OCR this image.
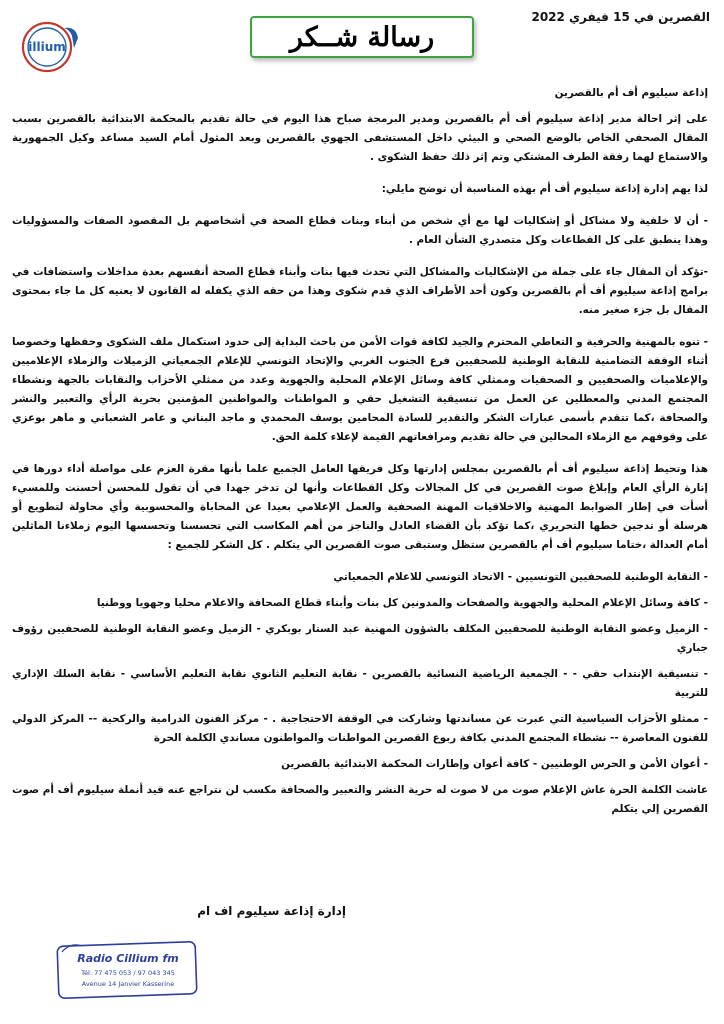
القصرين في 15 فيفري 2022
رسالة شــكر
illium

إذاعة سيليوم أف أم بالقصرين

على إثر احالة مدير إذاعة سيليوم أف أم بالقصرين ومدير البرمجة صباح هذا اليوم في حالة تقديم بالمحكمة الابتدائية بالقصرين بسبب المقال الصحفي الخاص بالوضع الصحي و البيئي داخل المستشفى الجهوي بالقصرين وبعد المثول أمام السيد مساعد وكيل الجمهورية والاستماع لهما رفقة الطرف المشتكي وتم إثر ذلك حفظ الشكوى .

لذا يهم إدارة إذاعة سيليوم أف أم بهذه المناسبة أن توضح مايلي:

- أن لا خلفية ولا مشاكل أو إشكاليات لها مع أي شخص من أبناء وبنات قطاع الصحة في أشخاصهم بل المقصود الصفات والمسؤوليات وهذا ينطبق على كل القطاعات وكل متصدري الشأن العام .

-تؤكد أن المقال جاء على جملة من الإشكاليات والمشاكل التي تحدث فيها بنات وأبناء قطاع الصحة أنفسهم بعدة مداخلات واستضافات في برامج إذاعة سيليوم أف أم بالقصرين وكون أحد الأطراف الذي قدم شكوى وهذا من حقه الذي يكفله له القانون لا يعنيه كل ما جاء بمحتوى المقال بل جزء صغير منه.

- تنوه بالمهنية والحرفية و التعاطي المحترم والجيد لكافة قوات الأمن من باحث البداية إلى حدود استكمال ملف الشكوى وحفظها وخصوصا أثناء الوقفة التضامنية للنقابة الوطنية للصحفيين فرع الجنوب الغربي والإتحاد التونسي للإعلام الجمعياتي الزميلات والزملاء الإعلاميين والإعلاميات والصحفيين و الصحفيات وممثلي كافة وسائل الإعلام المحلية والجهوية وعدد من ممثلي الأحزاب والنقابات بالجهة ونشطاء المجتمع المدني والمعطلين عن العمل من تنسيقية التشغيل حقي و المواطنات والمواطنين المؤمنين بحرية الرأي والتعبير والنشر والصحافة ،كما تتقدم بأسمى عبارات الشكر والتقدير للسادة المحامين يوسف المحمدي و ماجد البناني و عامر الشعباني و ماهر بوعزي على وقوفهم مع الزملاء المحالين في حالة تقديم ومرافعاتهم القيمة لإعلاء كلمة الحق.

هذا وتحيط إذاعة سيليوم أف أم بالقصرين بمجلس إدارتها وكل فريقها العامل الجميع علما بأنها مقرة العزم على مواصلة أداء دورها في إنارة الرأي العام وإبلاغ صوت القصرين في كل المجالات وكل القطاعات وأنها لن تدخر جهدا في أن تقول للمحسن أحسنت وللمسيء أسأت في إطار الضوابط المهنية والاخلاقيات المهنة الصحفية والعمل الإعلامي بعيدا عن المحاباة والمحسوبية وأي محاولة لتطويع أو هرسلة أو تدجين خطها التحريري ،كما تؤكد بأن القضاء العادل والناجز من أهم المكاسب التي تحسسنا وتحسسها اليوم زملاءنا الماثلين أمام العدالة ،ختاما سيليوم أف أم بالقصرين ستظل وستبقى صوت القصرين الي يتكلم . كل الشكر للجميع :

- النقابة الوطنية للصحفيين التونسيين - الاتحاد التونسي للاعلام الجمعياتي

- كافة وسائل الإعلام المحلية والجهوية والصفحات والمدونين كل بنات وأبناء قطاع الصحافة والاعلام محليا وجهويا ووطنيا

- الزميل وعضو النقابة الوطنية للصحفيين المكلف بالشؤون المهنية عبد الستار بوبكري - الزميل وعضو النقابة الوطنية للصحفيين رؤوف جباري

- تنسيقية الإنتداب حقي - - الجمعية الرياضية النسائية بالقصرين - نقابة التعليم الثانوي نقابة التعليم الأساسي - نقابة السلك الإداري للتربية

- ممثلو الأحزاب السياسية التي عبرت عن مساندتها وشاركت في الوقفة الاحتجاجية . - مركز الفنون الدرامية والركحية -- المركز الدولي للفنون المعاصرة -- نشطاء المجتمع المدني بكافة ربوع القصرين المواطنات والمواطنون مساندي الكلمة الحرة

- أعوان الأمن و الحرس الوطنيين - كافة أعوان وإطارات المحكمة الابتدائية بالقصرين

عاشت الكلمة الحرة عاش الإعلام صوت من لا صوت له حرية النشر والتعبير والصحافة مكسب لن نتراجع عنه قيد أنملة سيليوم أف أم صوت القصرين إلي يتكلم

إدارة إذاعة سيليوم اف ام
Radio Cillium fm
Tél: 77 475 053 / 97 043 345
Avenue 14 Janvier Kasserine
